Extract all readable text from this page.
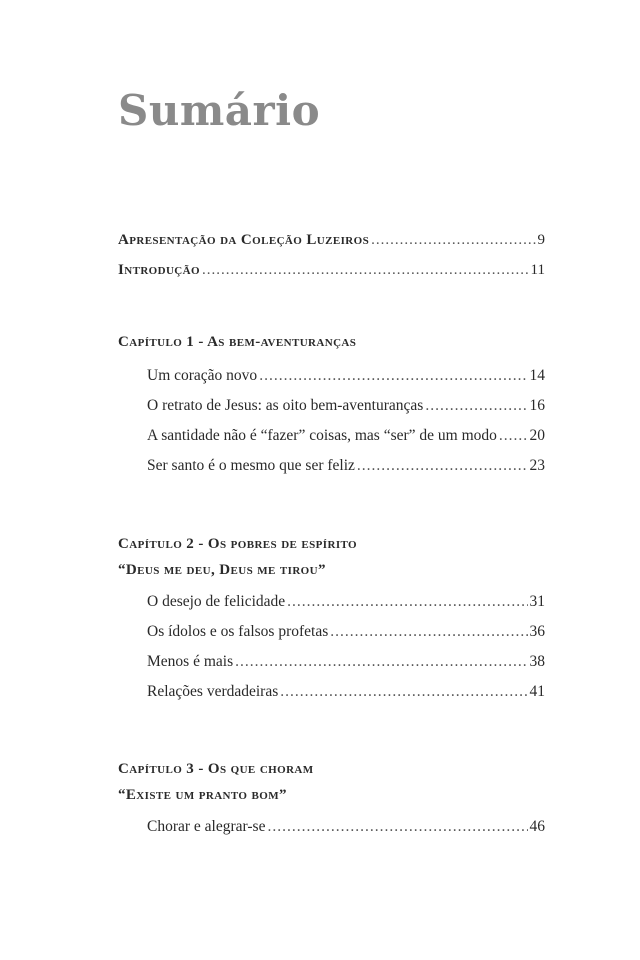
Sumário
Apresentação da Coleção Luzeiros .....	9
Introdução .....	11
Capítulo 1 - As bem-aventuranças
Um coração novo .....	14
O retrato de Jesus: as oito bem-aventuranças .....	16
A santidade não é “fazer” coisas, mas “ser” de um modo ..... 20
Ser santo é o mesmo que ser feliz .....	23
Capítulo 2 - Os pobres de espírito
“Deus me deu, Deus me tirou”
O desejo de felicidade .....	31
Os ídolos e os falsos profetas .....	36
Menos é mais .....	38
Relações verdadeiras .....	41
Capítulo 3 - Os que choram
“Existe um pranto bom”
Chorar e alegrar-se .....	46
